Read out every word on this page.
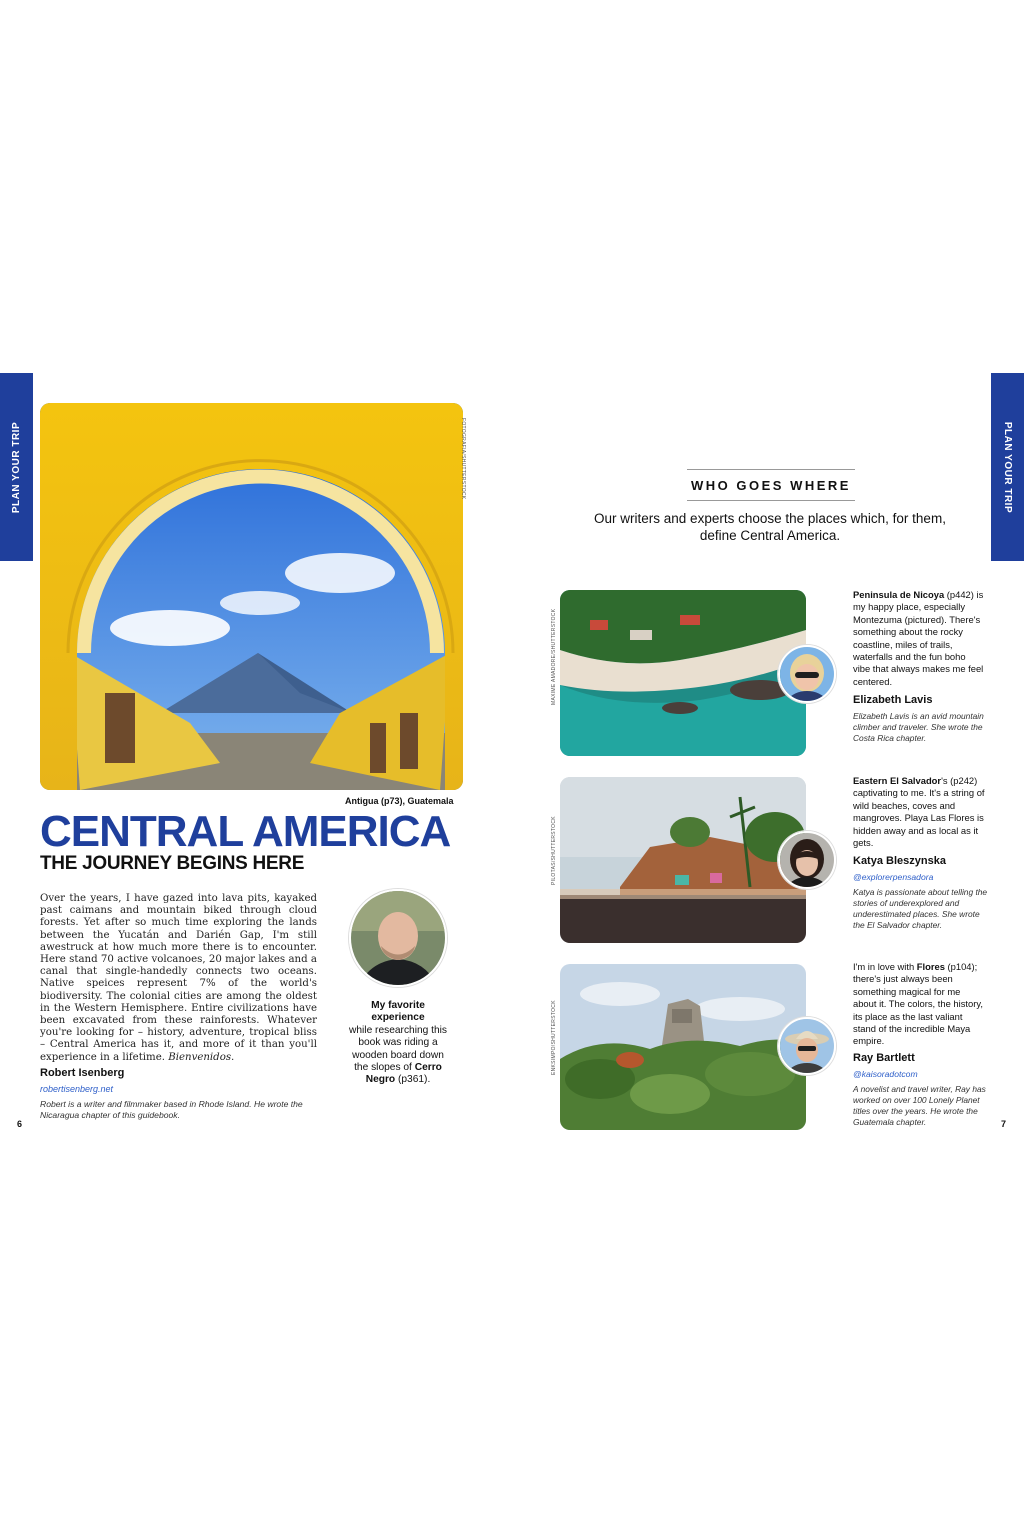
PLAN YOUR TRIP	PLAN YOUR TRIP
FOTOGRAFIA/SHUTTERSTOCK
Antigua (p73), Guatemala
CENTRAL AMERICA
THE JOURNEY BEGINS HERE

Over the years, I have gazed into lava pits, kayaked past caimans and mountain biked through cloud forests. Yet after so much time exploring the lands between the Yucatán and Darién Gap, I'm still awestruck at how much more there is to encounter. Here stand 70 active volcanoes, 20 major lakes and a canal that single-handedly connects two oceans. Native speices represent 7% of the world's biodiversity. The colonial cities are among the oldest in the Western Hemisphere. Entire civilizations have been excavated from these rainforests. Whatever you're looking for – history, adventure, tropical bliss – Central America has it, and more of it than you'll experience in a lifetime. Bienvenidos.

Robert Isenberg
robertisenberg.net
Robert is a writer and filmmaker based in Rhode Island. He wrote the Nicaragua chapter of this guidebook.
My favorite
experience
while researching this book was riding a wooden board down the slopes of Cerro Negro (p361).
6
WHO GOES WHERE
Our writers and experts choose the places which, for them, define Central America.
MAXIME AMADORE/SHUTTERSTOCK
Peninsula de Nicoya (p442) is my happy place, especially Montezuma (pictured). There's something about the rocky coastline, miles of trails, waterfalls and the fun boho vibe that always makes me feel centered.
Elizabeth Lavis
Elizabeth Lavis is an avid mountain climber and traveler. She wrote the Costa Rica chapter.
PILOTAS/SHUTTERSTOCK
Eastern El Salvador's (p242) captivating to me. It's a string of wild beaches, coves and mangroves. Playa Las Flores is hidden away and as local as it gets.
Katya Bleszynska
@explorerpensadora
Katya is passionate about telling the stories of underexplored and underestimated places. She wrote the El Salvador chapter.
ENKSIMPO/SHUTTERSTOCK
I'm in love with Flores (p104); there's just always been something magical for me about it. The colors, the history, its place as the last valiant stand of the incredible Maya empire.
Ray Bartlett
@kaisoradotcom
A novelist and travel writer, Ray has worked on over 100 Lonely Planet titles over the years. He wrote the Guatemala chapter.	7
